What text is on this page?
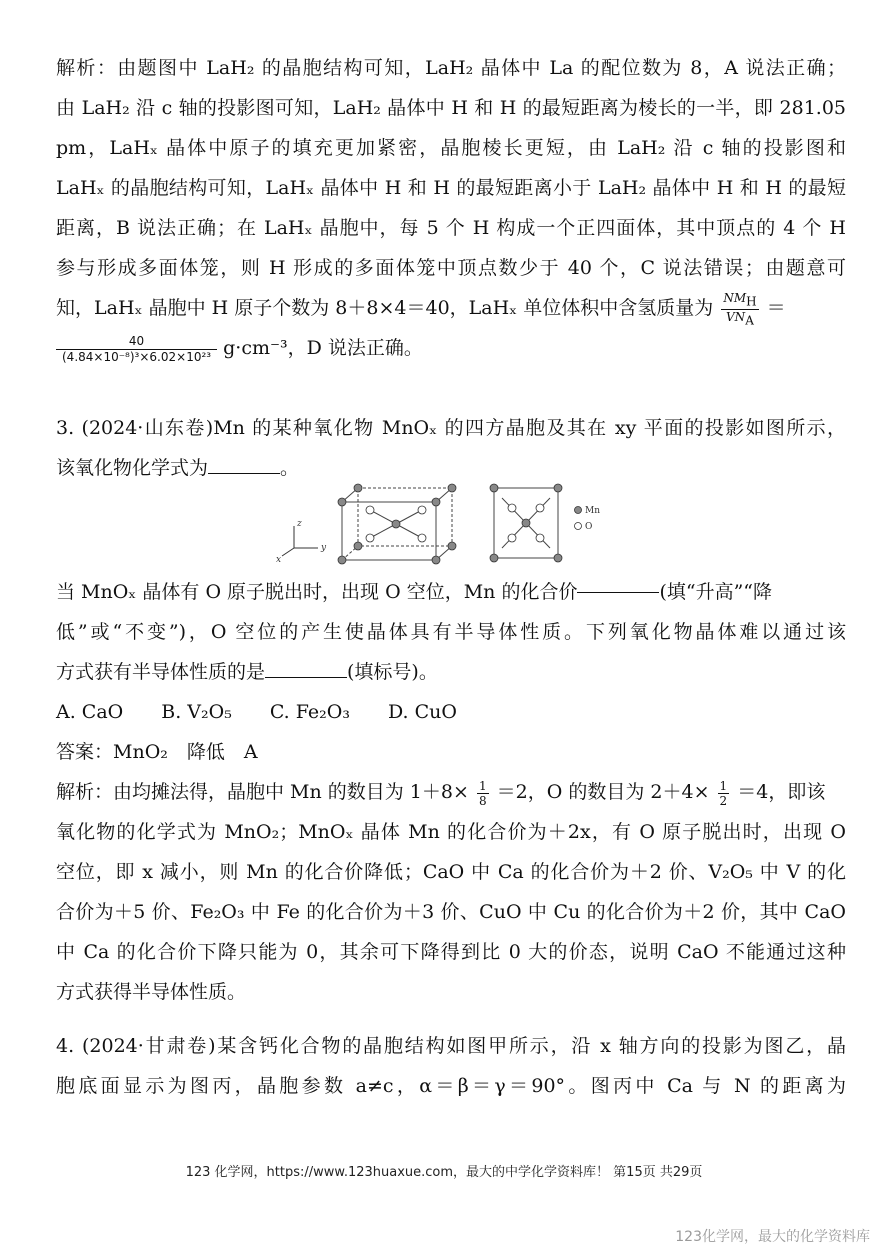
解析：由题图中 LaH₂ 的晶胞结构可知，LaH₂ 晶体中 La 的配位数为 8，A 说法正确；
由 LaH₂ 沿 c 轴的投影图可知，LaH₂ 晶体中 H 和 H 的最短距离为棱长的一半，即 281.05
pm，LaHₓ 晶体中原子的填充更加紧密，晶胞棱长更短，由 LaH₂ 沿 c 轴的投影图和
LaHₓ 的晶胞结构可知，LaHₓ 晶体中 H 和 H 的最短距离小于 LaH₂ 晶体中 H 和 H 的最短
距离，B 说法正确；在 LaHₓ 晶胞中，每 5 个 H 构成一个正四面体，其中顶点的 4 个 H
参与形成多面体笼，则 H 形成的多面体笼中顶点数少于 40 个，C 说法错误；由题意可
知，LaHₓ 晶胞中 H 原子个数为 8＋8×4＝40，LaHₓ 单位体积中含氢质量为 $\frac{NM_H}{VN_A}$ ＝
$\frac{40}{\text{(4.84×10⁻⁸)³×6.02×10²³}} g\cdot cm^{-3}$，D 说法正确。
3. (2024·山东卷)Mn 的某种氧化物 MnOₓ 的四方晶胞及其在 xy 平面的投影如图所示，
该氧化物化学式为	。
z
y
x
Mn
O
当 MnOₓ 晶体有 O 原子脱出时，出现 O 空位，Mn 的化合价	(填“升高”“降
低”或“不变”)，O 空位的产生使晶体具有半导体性质。下列氧化物晶体难以通过该
方式获有半导体性质的是	(填标号)。
A. CaO　　B. V₂O₅　　C. Fe₂O₃　　D. CuO
答案：MnO₂　降低　A
解析：由均摊法得，晶胞中 Mn 的数目为 $1+8\times \frac{1}{8} =2$，O 的数目为 $2+4\times \frac{1}{2} =4$，即该
氧化物的化学式为 MnO₂；MnOₓ 晶体 Mn 的化合价为＋2x，有 O 原子脱出时，出现 O
空位，即 x 减小，则 Mn 的化合价降低；CaO 中 Ca 的化合价为＋2 价、V₂O₅ 中 V 的化
合价为＋5 价、Fe₂O₃ 中 Fe 的化合价为＋3 价、CuO 中 Cu 的化合价为＋2 价，其中 CaO
中 Ca 的化合价下降只能为 0，其余可下降得到比 0 大的价态，说明 CaO 不能通过这种
方式获得半导体性质。
4. (2024·甘肃卷)某含钙化合物的晶胞结构如图甲所示，沿 x 轴方向的投影为图乙，晶
胞底面显示为图丙，晶胞参数 a≠c，α＝β＝γ＝90°。图丙中 Ca 与 N 的距离为
123 化学网，https://www.123huaxue.com，最大的中学化学资料库！ 第15页 共29页
123化学网，最大的化学资料库
